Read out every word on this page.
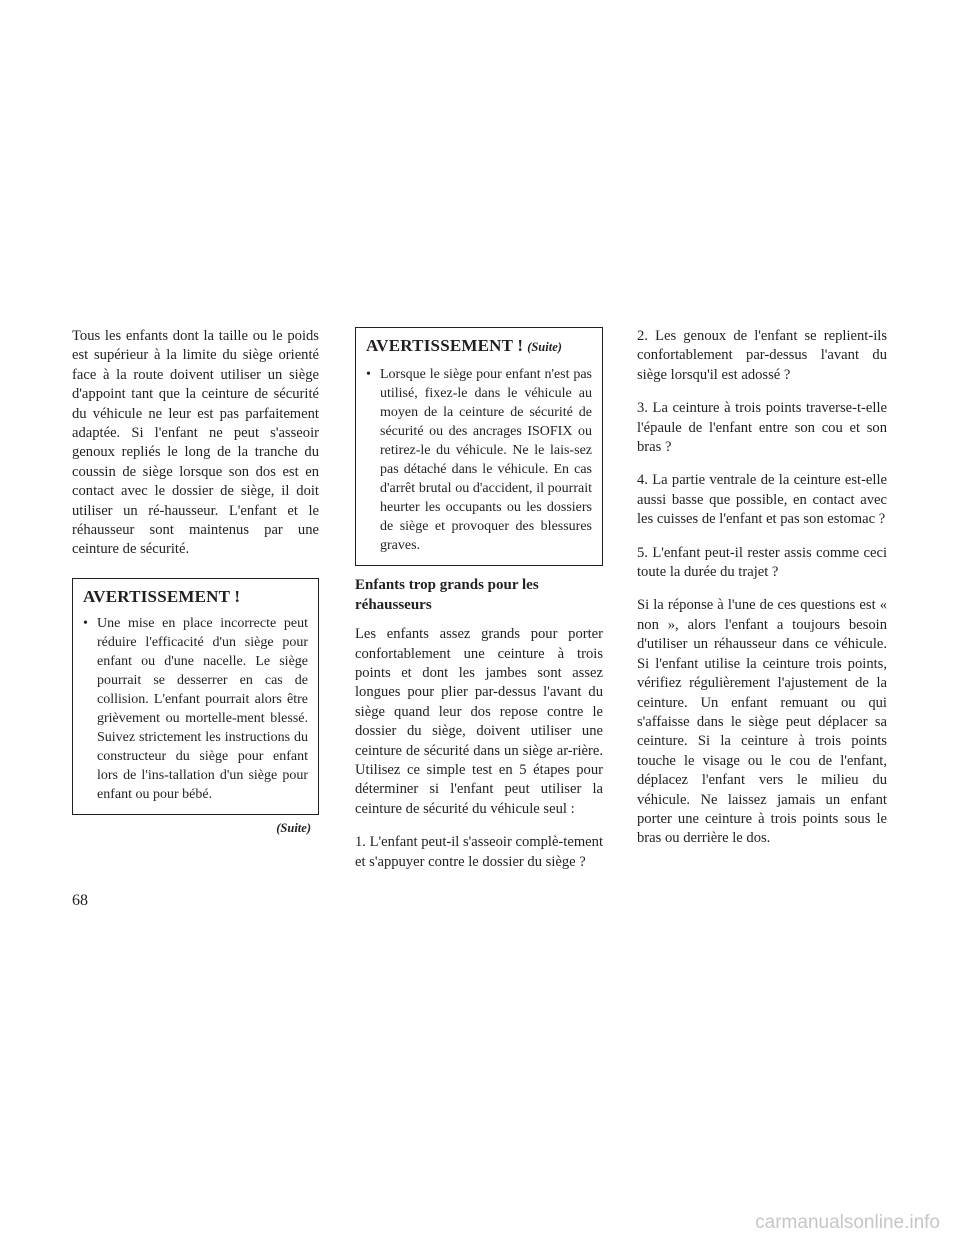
Tous les enfants dont la taille ou le poids est supérieur à la limite du siège orienté face à la route doivent utiliser un siège d'appoint tant que la ceinture de sécurité du véhicule ne leur est pas parfaitement adaptée. Si l'enfant ne peut s'asseoir genoux repliés le long de la tranche du coussin de siège lorsque son dos est en contact avec le dossier de siège, il doit utiliser un ré-hausseur. L'enfant et le réhausseur sont maintenus par une ceinture de sécurité.

AVERTISSEMENT !
• Une mise en place incorrecte peut réduire l'efficacité d'un siège pour enfant ou d'une nacelle. Le siège pourrait se desserrer en cas de collision. L'enfant pourrait alors être grièvement ou mortelle-ment blessé. Suivez strictement les instructions du constructeur du siège pour enfant lors de l'ins-tallation d'un siège pour enfant ou pour bébé.
(Suite)
AVERTISSEMENT ! (Suite)
• Lorsque le siège pour enfant n'est pas utilisé, fixez-le dans le véhicule au moyen de la ceinture de sécurité de sécurité ou des ancrages ISOFIX ou retirez-le du véhicule. Ne le lais-sez pas détaché dans le véhicule. En cas d'arrêt brutal ou d'accident, il pourrait heurter les occupants ou les dossiers de siège et provoquer des blessures graves.
Enfants trop grands pour les réhausseurs

Les enfants assez grands pour porter confortablement une ceinture à trois points et dont les jambes sont assez longues pour plier par-dessus l'avant du siège quand leur dos repose contre le dossier du siège, doivent utiliser une ceinture de sécurité dans un siège ar-rière. Utilisez ce simple test en 5 étapes pour déterminer si l'enfant peut utiliser la ceinture de sécurité du véhicule seul :

1. L'enfant peut-il s'asseoir complè-tement et s'appuyer contre le dossier du siège ?

2. Les genoux de l'enfant se replient-ils confortablement par-dessus l'avant du siège lorsqu'il est adossé ?

3. La ceinture à trois points traverse-t-elle l'épaule de l'enfant entre son cou et son bras ?

4. La partie ventrale de la ceinture est-elle aussi basse que possible, en contact avec les cuisses de l'enfant et pas son estomac ?

5. L'enfant peut-il rester assis comme ceci toute la durée du trajet ?

Si la réponse à l'une de ces questions est « non », alors l'enfant a toujours besoin d'utiliser un réhausseur dans ce véhicule. Si l'enfant utilise la ceinture trois points, vérifiez régulièrement l'ajustement de la ceinture. Un enfant remuant ou qui s'affaisse dans le siège peut déplacer sa ceinture. Si la ceinture à trois points touche le visage ou le cou de l'enfant, déplacez l'enfant vers le milieu du véhicule. Ne laissez jamais un enfant porter une ceinture à trois points sous le bras ou derrière le dos.

68
carmanualsonline.info
